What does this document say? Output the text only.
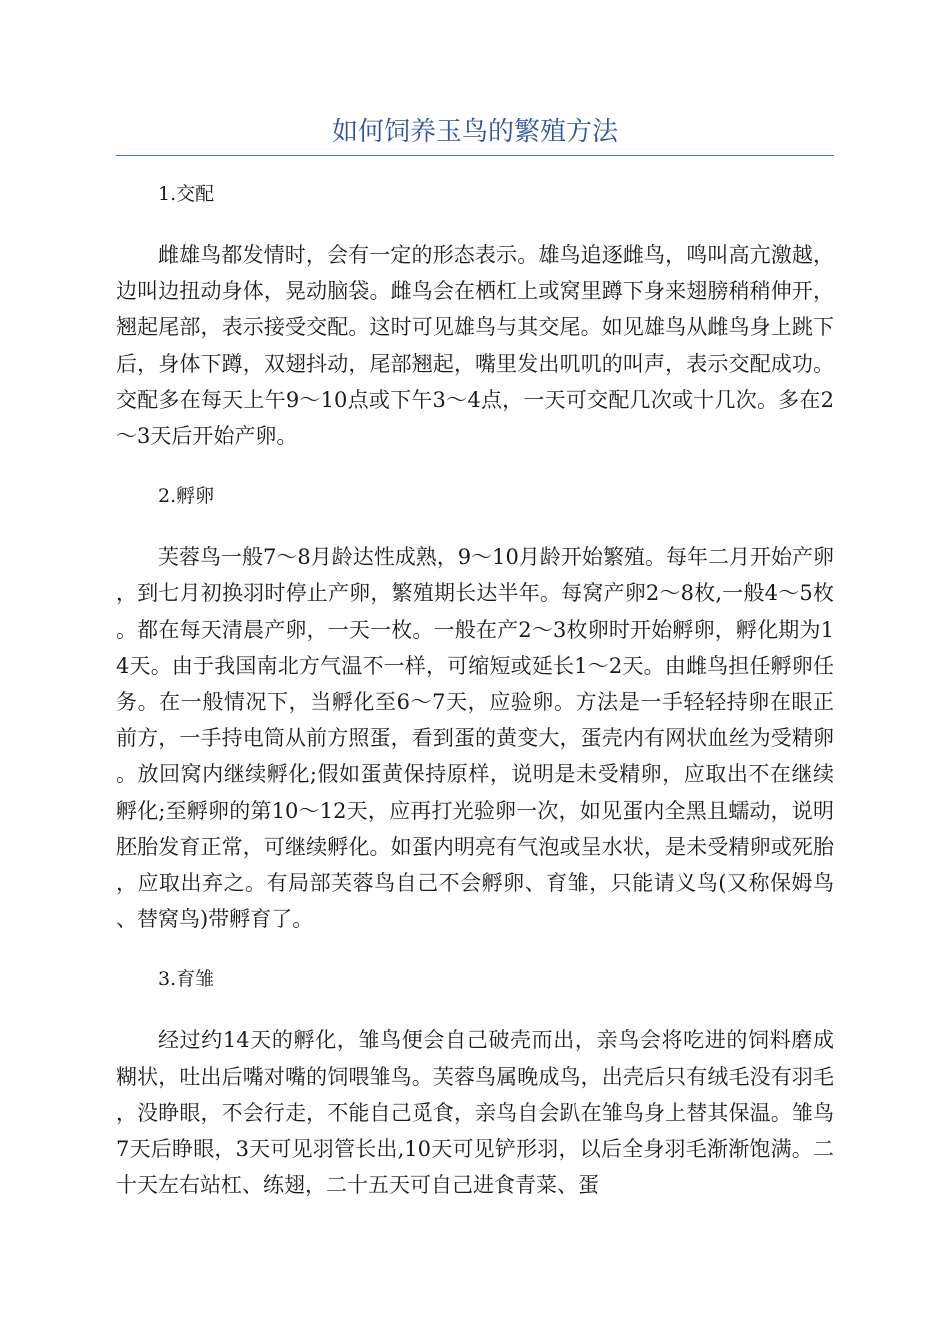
如何饲养玉鸟的繁殖方法
1.交配

雌雄鸟都发情时，会有一定的形态表示。雄鸟追逐雌鸟，鸣叫高亢激越，边叫边扭动身体，晃动脑袋。雌鸟会在栖杠上或窝里蹲下身来翅膀稍稍伸开，翘起尾部，表示接受交配。这时可见雄鸟与其交尾。如见雄鸟从雌鸟身上跳下后，身体下蹲，双翅抖动，尾部翘起，嘴里发出叽叽的叫声，表示交配成功。交配多在每天上午9～10点或下午3～4点，一天可交配几次或十几次。多在2～3天后开始产卵。

2.孵卵

芙蓉鸟一般7～8月龄达性成熟，9～10月龄开始繁殖。每年二月开始产卵，到七月初换羽时停止产卵，繁殖期长达半年。每窝产卵2～8枚,一般4～5枚。都在每天清晨产卵，一天一枚。一般在产2～3枚卵时开始孵卵，孵化期为14天。由于我国南北方气温不一样，可缩短或延长1～2天。由雌鸟担任孵卵任务。在一般情况下，当孵化至6～7天，应验卵。方法是一手轻轻持卵在眼正前方，一手持电筒从前方照蛋，看到蛋的黄变大，蛋壳内有网状血丝为受精卵。放回窝内继续孵化;假如蛋黄保持原样，说明是未受精卵，应取出不在继续孵化;至孵卵的第10～12天，应再打光验卵一次，如见蛋内全黑且蠕动，说明胚胎发育正常，可继续孵化。如蛋内明亮有气泡或呈水状，是未受精卵或死胎，应取出弃之。有局部芙蓉鸟自己不会孵卵、育雏，只能请义鸟(又称保姆鸟、替窝鸟)带孵育了。

3.育雏

经过约14天的孵化，雏鸟便会自己破壳而出，亲鸟会将吃进的饲料磨成糊状，吐出后嘴对嘴的饲喂雏鸟。芙蓉鸟属晚成鸟，出壳后只有绒毛没有羽毛，没睁眼，不会行走，不能自己觅食，亲鸟自会趴在雏鸟身上替其保温。雏鸟7天后睁眼，3天可见羽管长出,10天可见铲形羽，以后全身羽毛渐渐饱满。二十天左右站杠、练翅，二十五天可自己进食青菜、蛋
